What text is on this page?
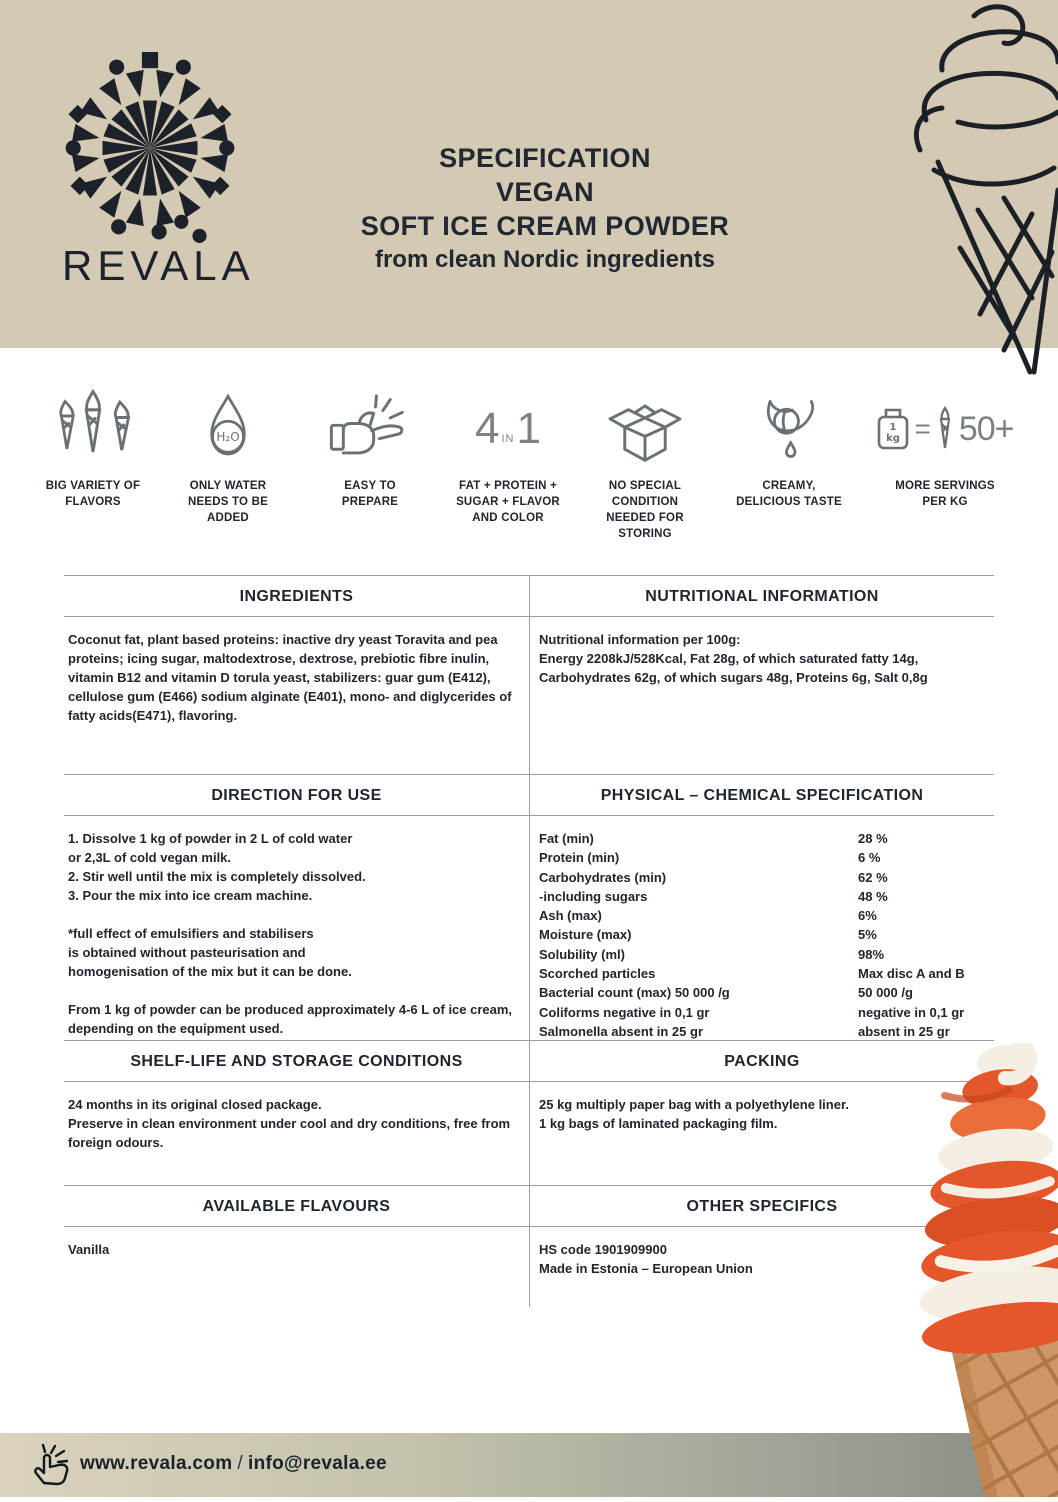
REVALA
SPECIFICATION
VEGAN
SOFT ICE CREAM POWDER
from clean Nordic ingredients
BIG VARIETY OF FLAVORS
H₂O
ONLY WATER NEEDS TO BE ADDED
EASY TO PREPARE
4 IN 1
FAT + PROTEIN + SUGAR + FLAVOR AND COLOR
NO SPECIAL CONDITION NEEDED FOR STORING
CREAMY, DELICIOUS TASTE
1
kg = 50+
MORE SERVINGS PER KG
INGREDIENTS	NUTRITIONAL INFORMATION

Coconut fat, plant based proteins: inactive dry yeast Toravita and pea proteins; icing sugar, maltodextrose, dextrose, prebiotic fibre inulin, vitamin B12 and vitamin D torula yeast, stabilizers: guar gum (E412), cellulose gum (E466) sodium alginate (E401), mono- and diglycerides of fatty acids(E471), flavoring.

Nutritional information per 100g:
Energy 2208kJ/528Kcal, Fat 28g, of which saturated fatty 14g,
Carbohydrates 62g, of which sugars 48g, Proteins 6g, Salt 0,8g
DIRECTION FOR USE	PHYSICAL – CHEMICAL SPECIFICATION
1. Dissolve 1 kg of powder in 2 L of cold water
or 2,3L of cold vegan milk.
2. Stir well until the mix is completely dissolved.
3. Pour the mix into ice cream machine.
*full effect of emulsifiers and stabilisers
is obtained without pasteurisation and
homogenisation of the mix but it can be done.

From 1 kg of powder can be produced approximately 4-6 L of ice cream, depending on the equipment used.

Fat (min)	28 %
Protein (min)	6 %
Carbohydrates (min)	62 %
-including sugars	48 %
Ash (max)	6%
Moisture (max)	5%
Solubility (ml)	98%
Scorched particles	Max disc A and B
Bacterial count (max) 50 000 /g	50 000 /g
Coliforms negative in 0,1 gr	negative in 0,1 gr
Salmonella absent in 25 gr	absent in 25 gr
SHELF-LIFE AND STORAGE CONDITIONS	PACKING
24 months in its original closed package.

Preserve in clean environment under cool and dry conditions, free from foreign odours.

25 kg multiply paper bag with a polyethylene liner.
1 kg bags of laminated packaging film.
AVAILABLE FLAVOURS	OTHER SPECIFICS
Vanilla	HS code 1901909900
Made in Estonia – European Union
www.revala.com / info@revala.ee
